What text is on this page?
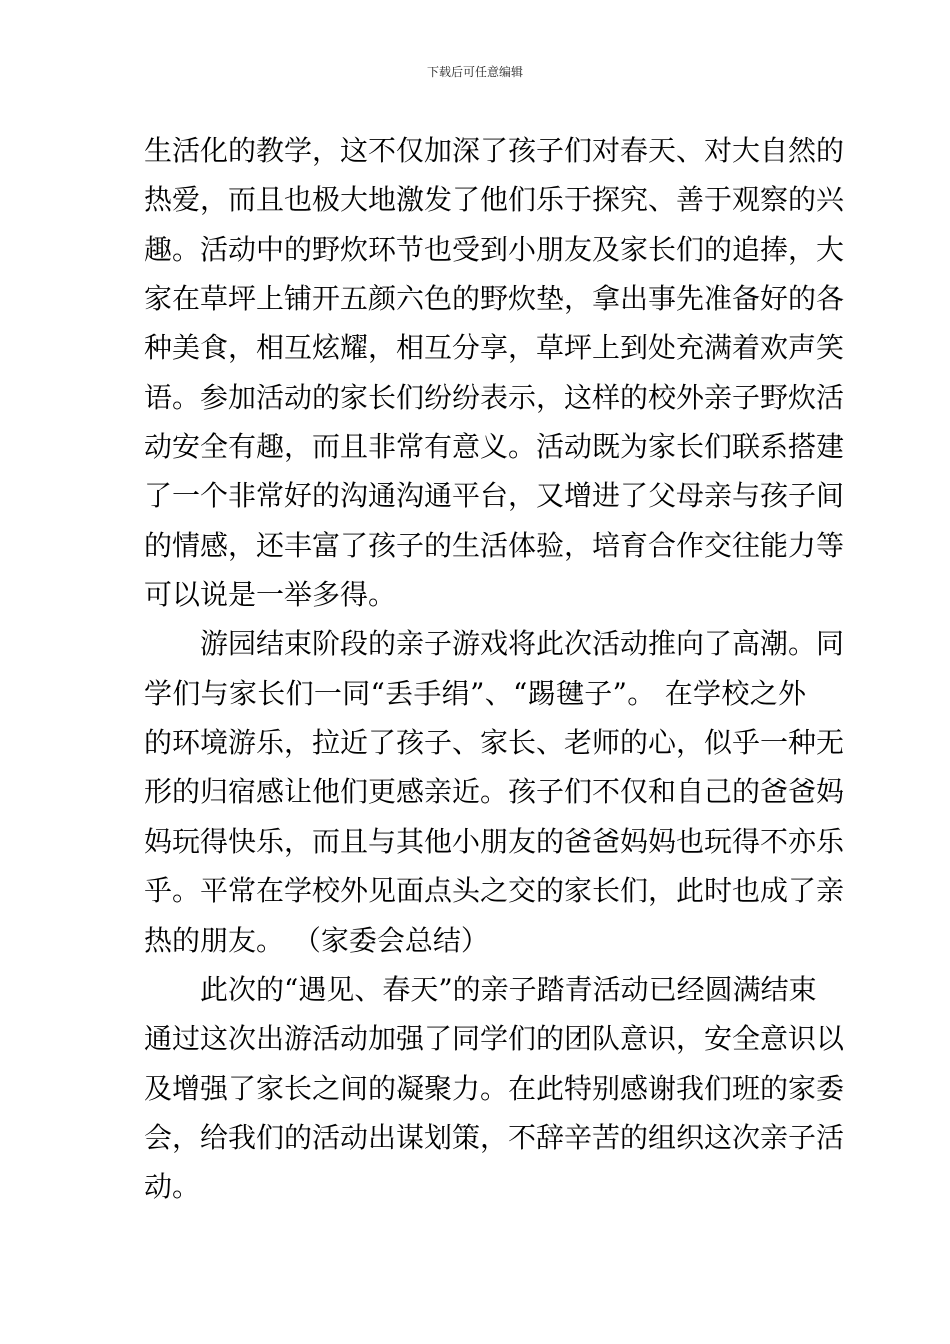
下载后可任意编辑
生活化的教学，这不仅加深了孩子们对春天、对大自然的
热爱，而且也极大地激发了他们乐于探究、善于观察的兴
趣。活动中的野炊环节也受到小朋友及家长们的追捧，大
家在草坪上铺开五颜六色的野炊垫，拿出事先准备好的各
种美食，相互炫耀，相互分享，草坪上到处充满着欢声笑
语。参加活动的家长们纷纷表示，这样的校外亲子野炊活
动安全有趣，而且非常有意义。活动既为家长们联系搭建
了一个非常好的沟通沟通平台，又增进了父母亲与孩子间
的情感，还丰富了孩子的生活体验，培育合作交往能力等
可以说是一举多得。
游园结束阶段的亲子游戏将此次活动推向了高潮。同
学们与家长们一同“丢手绢”、“踢毽子”。 在学校之外
的环境游乐，拉近了孩子、家长、老师的心，似乎一种无
形的归宿感让他们更感亲近。孩子们不仅和自己的爸爸妈
妈玩得快乐，而且与其他小朋友的爸爸妈妈也玩得不亦乐
乎。平常在学校外见面点头之交的家长们，此时也成了亲
热的朋友。 （家委会总结）
此次的“遇见、春天”的亲子踏青活动已经圆满结束
通过这次出游活动加强了同学们的团队意识，安全意识以
及增强了家长之间的凝聚力。在此特别感谢我们班的家委
会，给我们的活动出谋划策，不辞辛苦的组织这次亲子活
动。
